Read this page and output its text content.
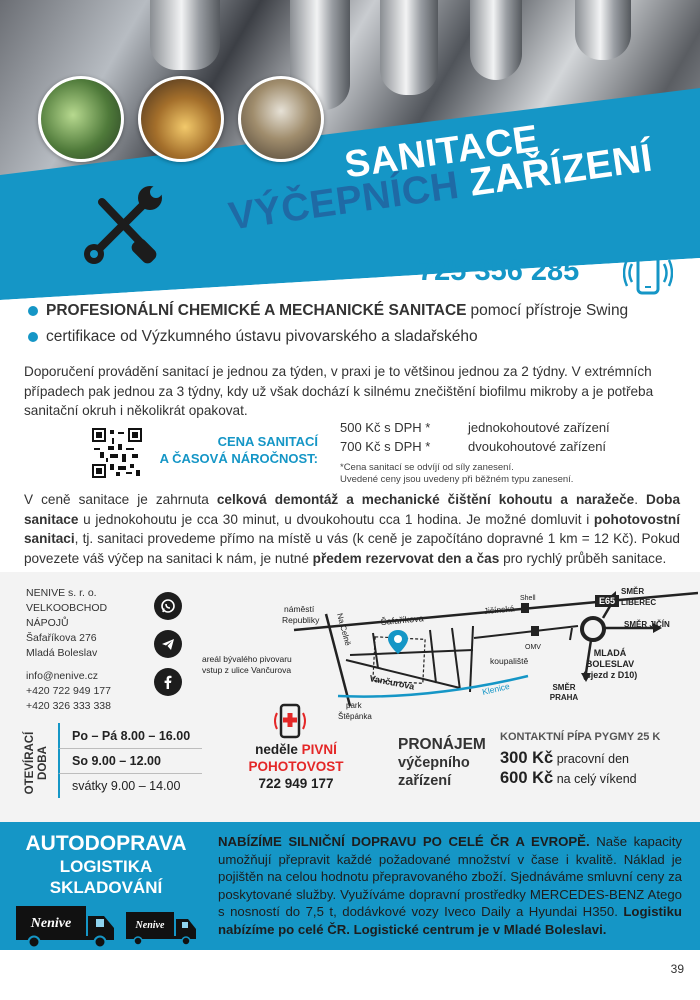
SANITACE
VÝČEPNÍCH ZAŘÍZENÍ
725 356 285
PROFESIONÁLNÍ CHEMICKÉ A MECHANICKÉ SANITACE pomocí přístroje Swing
certifikace od Výzkumného ústavu pivovarského a sladařského
Doporučení provádění sanitací je jednou za týden, v praxi je to většinou jednou za 2 týdny. V extrémních případech pak jednou za 3 týdny, kdy už však dochází k silnému znečištění biofilmu mikroby a je potřeba sanitační okruh i několikrát opakovat.
CENA SANITACÍ
A ČASOVÁ NÁROČNOST:
500 Kč s DPH *	jednokohoutové zařízení
700 Kč s DPH *	dvoukohoutové zařízení
*Cena sanitací se odvíjí od síly zanesení.
Uvedené ceny jsou uvedeny při běžném typu zanesení.
V ceně sanitace je zahrnuta celková demontáž a mechanické čištění kohoutu a naražeče. Doba sanitace u jednokohoutu je cca 30 minut, u dvoukohoutu cca 1 hodina. Je možné domluvit i pohotovostní sanitaci, tj. sanitaci provedeme přímo na místě u vás (k ceně je započítáno dopravné 1 km = 12 Kč). Pokud povezete váš výčep na sanitaci k nám, je nutné předem rezervovat den a čas pro rychlý průběh sanitace.
NENIVE s. r. o.
VELKOOBCHOD
NÁPOJŮ
Šafaříkova 276
Mladá Boleslav
info@nenive.cz
+420 722 949 177
+420 326 333 338
E65
náměstí
Republiky Na Celně	Šafaříkova
Jičínská
Shell
SMĚR
LIBEREC
SMĚR JIČÍN
OMV
koupaliště
areál bývalého pivovaru
vstup z ulice Vančurova
Vančurova	Klenice
park
Štěpánka
MLADÁ
BOLESLAV
(sjezd z D10)
SMĚR
PRAHA
OTEVÍRACÍ DOBA
Po – Pá 8.00 – 16.00
So 9.00 – 12.00
svátky 9.00 – 14.00
neděle PIVNÍ
POHOTOVOST
722 949 177
PRONÁJEM
výčepního
zařízení
KONTAKTNÍ PÍPA PYGMY 25 K
300 Kč pracovní den
600 Kč na celý víkend
AUTODOPRAVA
LOGISTIKA
SKLADOVÁNÍ
Nenive	Nenive
NABÍZÍME SILNIČNÍ DOPRAVU PO CELÉ ČR A EVROPĚ. Naše kapacity umožňují přepravit každé požadované množství v čase i kvalitě. Náklad je pojištěn na celou hodnotu přepravovaného zboží. Sjednáváme smluvní ceny za poskytované služby. Využíváme dopravní prostředky MERCEDES-BENZ Atego s nosností do 7,5 t, dodávkové vozy Iveco Daily a Hyundai H350. Logistiku nabízíme po celé ČR. Logistické centrum je v Mladé Boleslavi.
39
